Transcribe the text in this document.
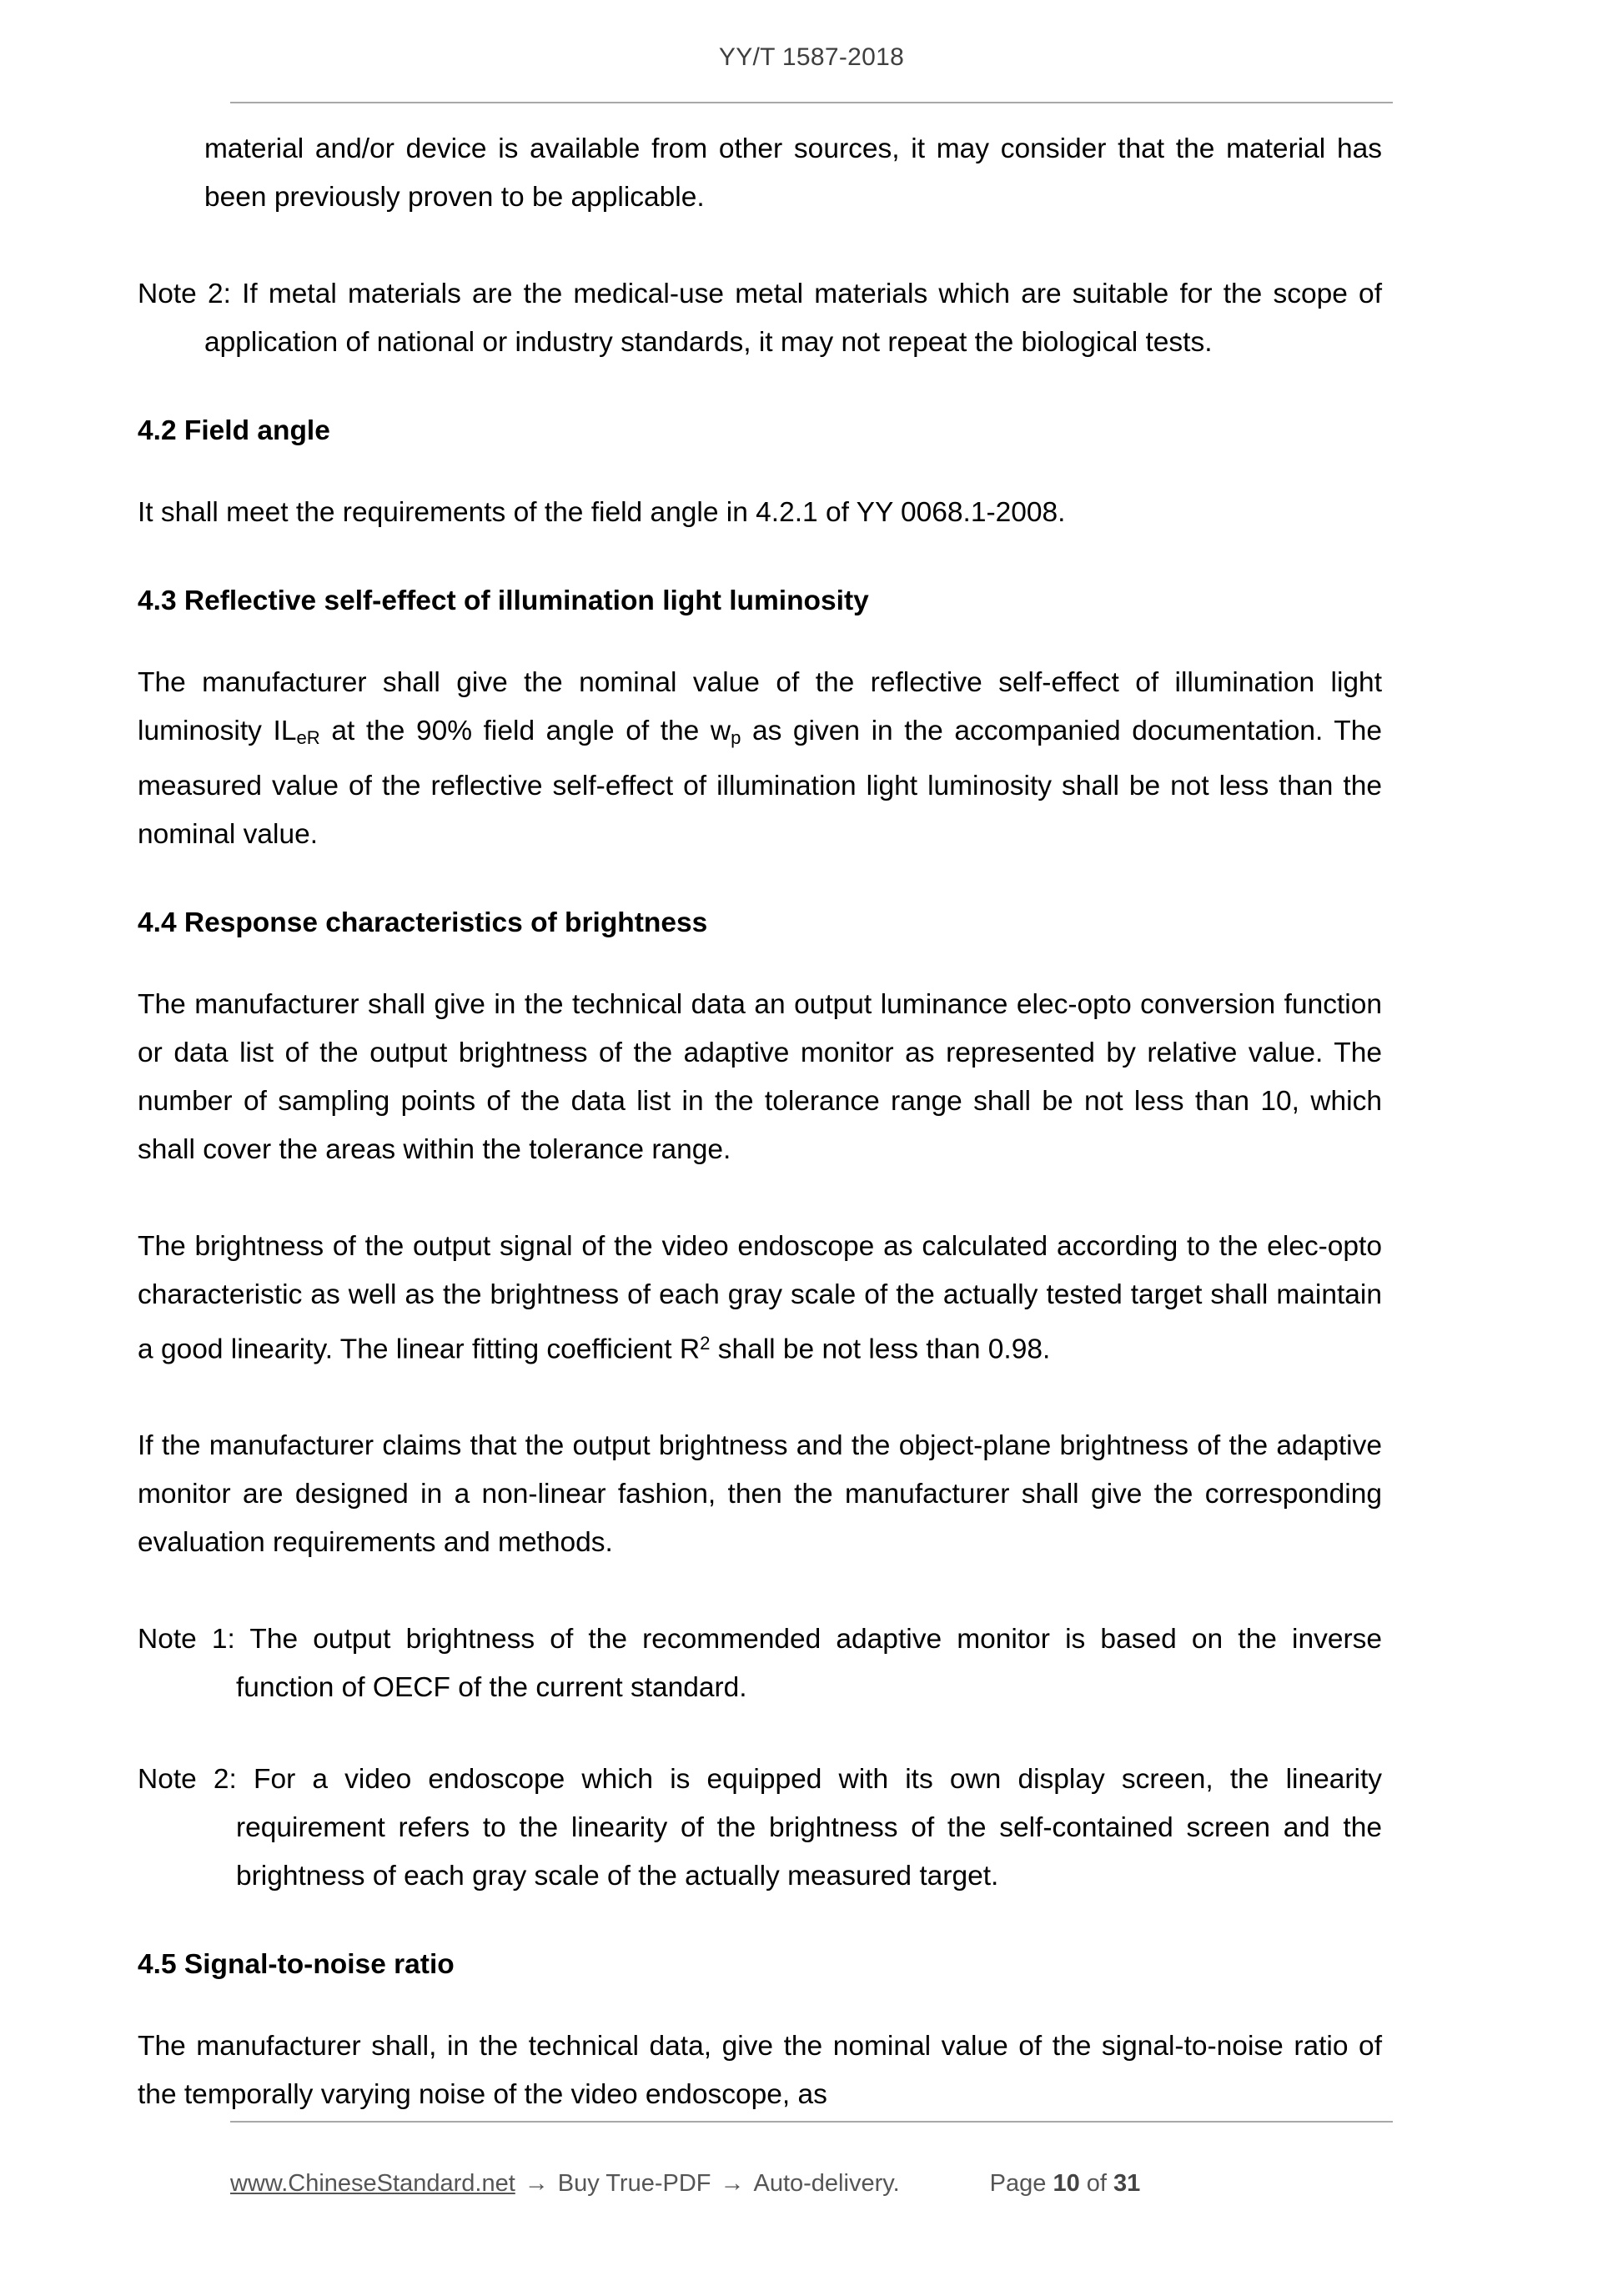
YY/T 1587-2018

material and/or device is available from other sources, it may consider that the material has been previously proven to be applicable.

Note 2: If metal materials are the medical-use metal materials which are suitable for the scope of application of national or industry standards, it may not repeat the biological tests.
4.2 Field angle

It shall meet the requirements of the field angle in 4.2.1 of YY 0068.1-2008.

4.3 Reflective self-effect of illumination light luminosity

The manufacturer shall give the nominal value of the reflective self-effect of illumination light luminosity $IL_{eR}$ at the 90% field angle of the $w_p$ as given in the accompanied documentation. The measured value of the reflective self-effect of illumination light luminosity shall be not less than the nominal value.

4.4 Response characteristics of brightness

The manufacturer shall give in the technical data an output luminance elec-opto conversion function or data list of the output brightness of the adaptive monitor as represented by relative value. The number of sampling points of the data list in the tolerance range shall be not less than 10, which shall cover the areas within the tolerance range.

The brightness of the output signal of the video endoscope as calculated according to the elec-opto characteristic as well as the brightness of each gray scale of the actually tested target shall maintain a good linearity. The linear fitting coefficient $R^2$ shall be not less than 0.98.

If the manufacturer claims that the output brightness and the object-plane brightness of the adaptive monitor are designed in a non-linear fashion, then the manufacturer shall give the corresponding evaluation requirements and methods.

Note 1: The output brightness of the recommended adaptive monitor is based on the inverse function of OECF of the current standard.
Note 2: For a video endoscope which is equipped with its own display screen, the linearity requirement refers to the linearity of the brightness of the self-contained screen and the brightness of each gray scale of the actually measured target.
4.5 Signal-to-noise ratio

The manufacturer shall, in the technical data, give the nominal value of the signal-to-noise ratio of the temporally varying noise of the video endoscope, as

www.ChineseStandard.net → Buy True-PDF → Auto-delivery.	Page 10 of 31
